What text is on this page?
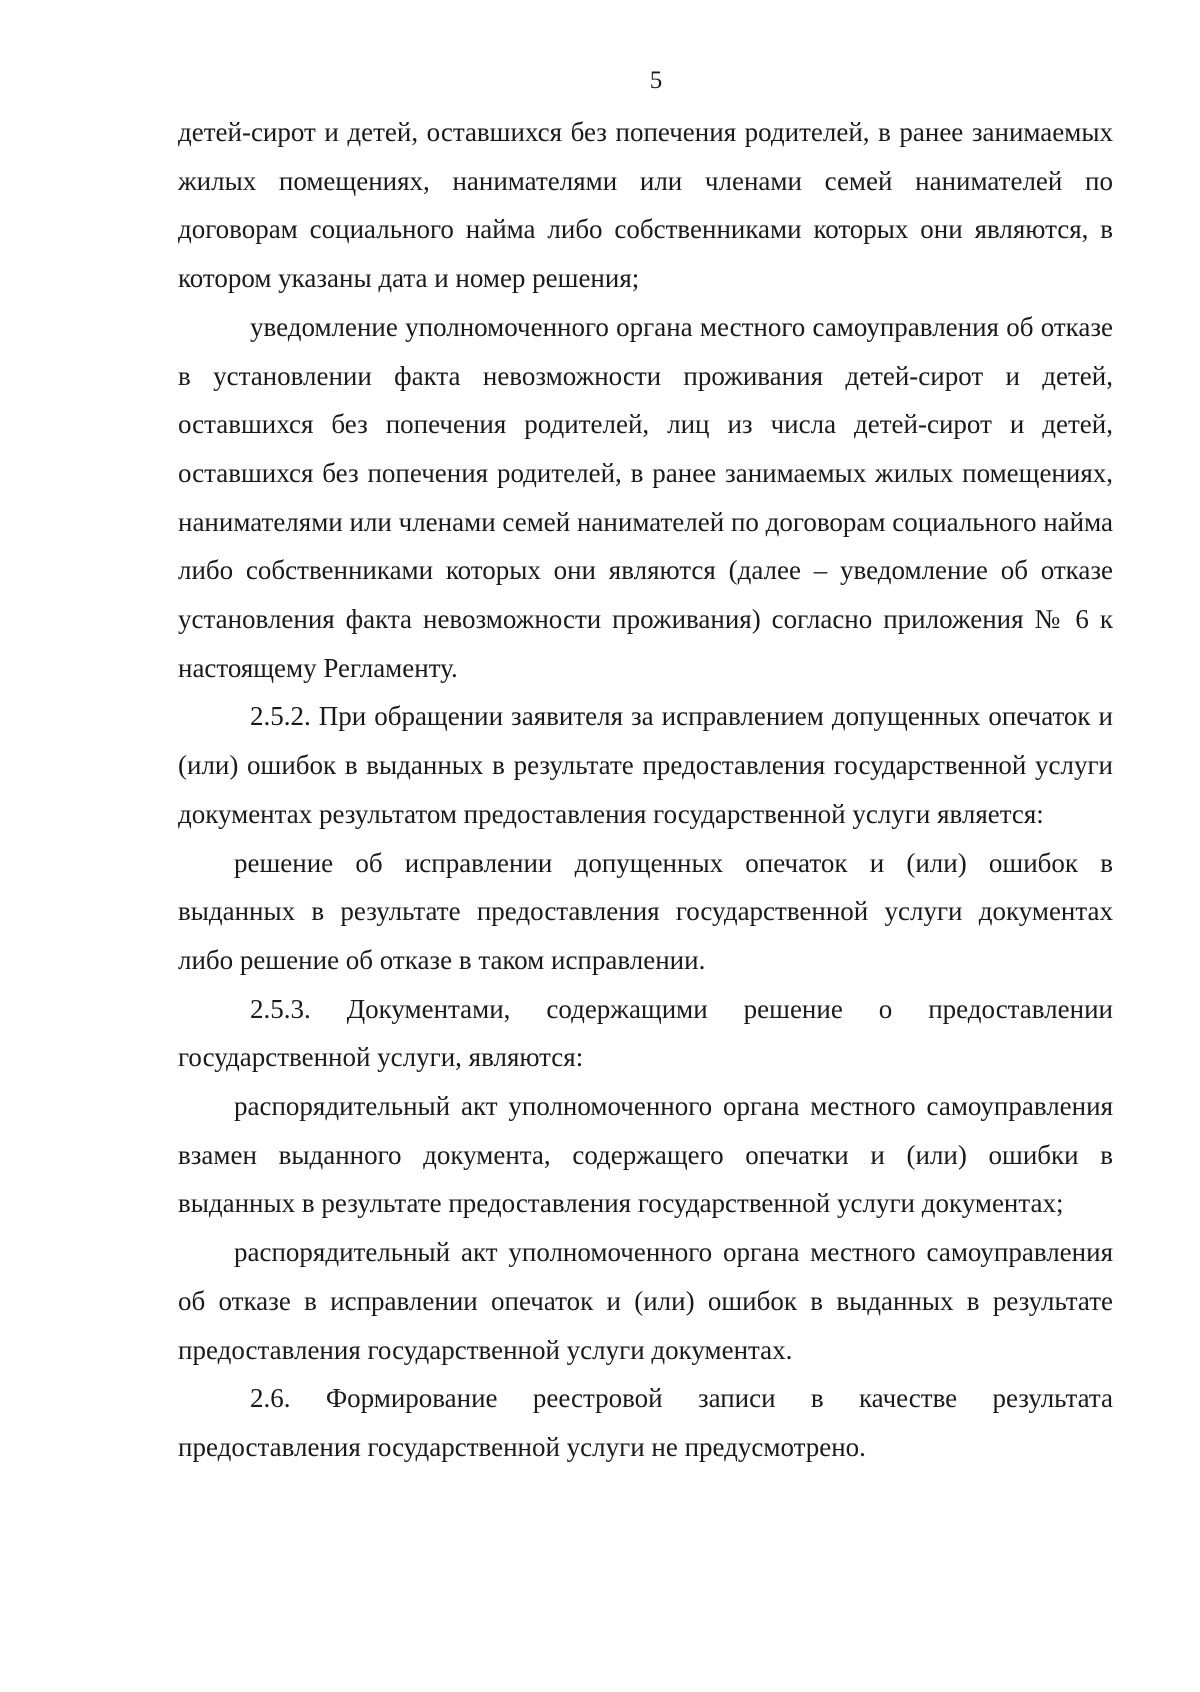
5

детей-сирот и детей, оставшихся без попечения родителей, в ранее занимаемых жилых помещениях, нанимателями или членами семей нанимателей по договорам социального найма либо собственниками которых они являются, в котором указаны дата и номер решения;

уведомление уполномоченного органа местного самоуправления об отказе в установлении факта невозможности проживания детей-сирот и детей, оставшихся без попечения родителей, лиц из числа детей-сирот и детей, оставшихся без попечения родителей, в ранее занимаемых жилых помещениях, нанимателями или членами семей нанимателей по договорам социального найма либо собственниками которых они являются (далее – уведомление об отказе установления факта невозможности проживания) согласно приложения № 6 к настоящему Регламенту.

2.5.2. При обращении заявителя за исправлением допущенных опечаток и (или) ошибок в выданных в результате предоставления государственной услуги документах результатом предоставления государственной услуги является:

решение об исправлении допущенных опечаток и (или) ошибок в выданных в результате предоставления государственной услуги документах либо решение об отказе в таком исправлении.

2.5.3. Документами, содержащими решение о предоставлении государственной услуги, являются:

распорядительный акт уполномоченного органа местного самоуправления взамен выданного документа, содержащего опечатки и (или) ошибки в выданных в результате предоставления государственной услуги документах;

распорядительный акт уполномоченного органа местного самоуправления об отказе в исправлении опечаток и (или) ошибок в выданных в результате предоставления государственной услуги документах.

2.6. Формирование реестровой записи в качестве результата предоставления государственной услуги не предусмотрено.
